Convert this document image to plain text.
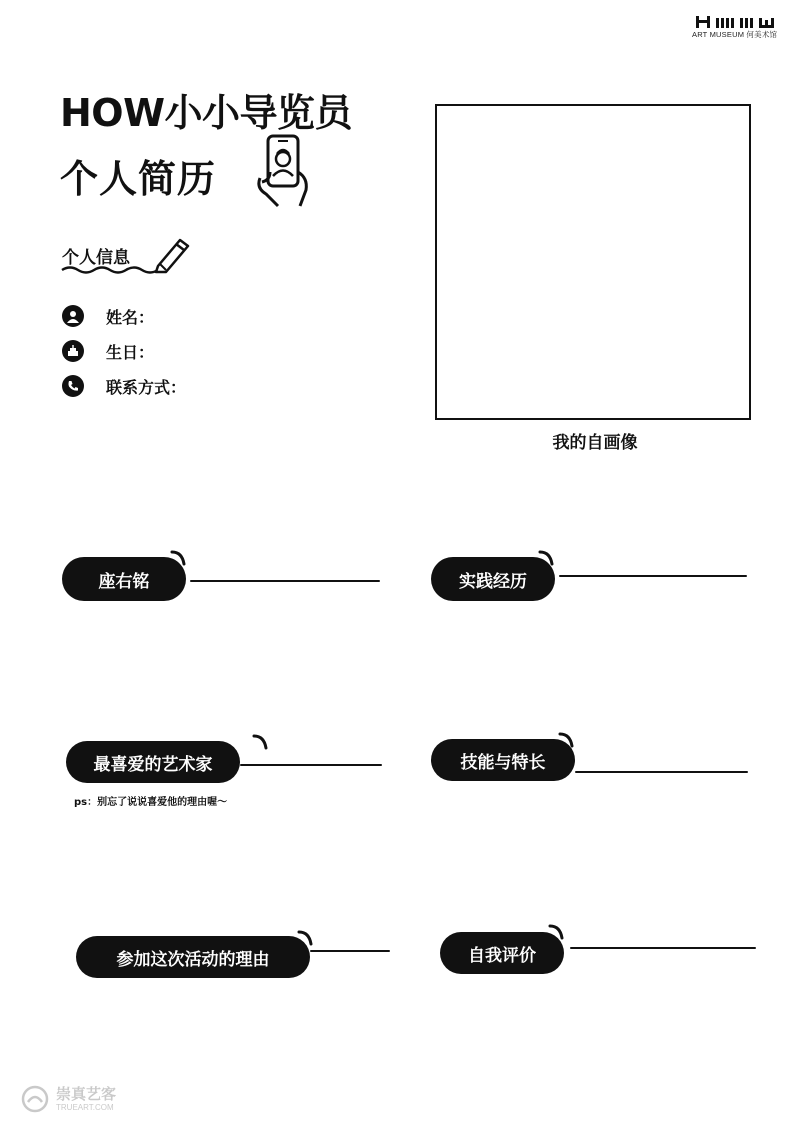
ART MUSEUM 何美术馆
HOW小小导览员
个人简历
个人信息
姓名：
生日：
联系方式：
我的自画像
座右铭	实践经历
最喜爱的艺术家
ps：别忘了说说喜爱他的理由喔～
技能与特长
参加这次活动的理由	自我评价
崇真艺客
TRUEART.COM
